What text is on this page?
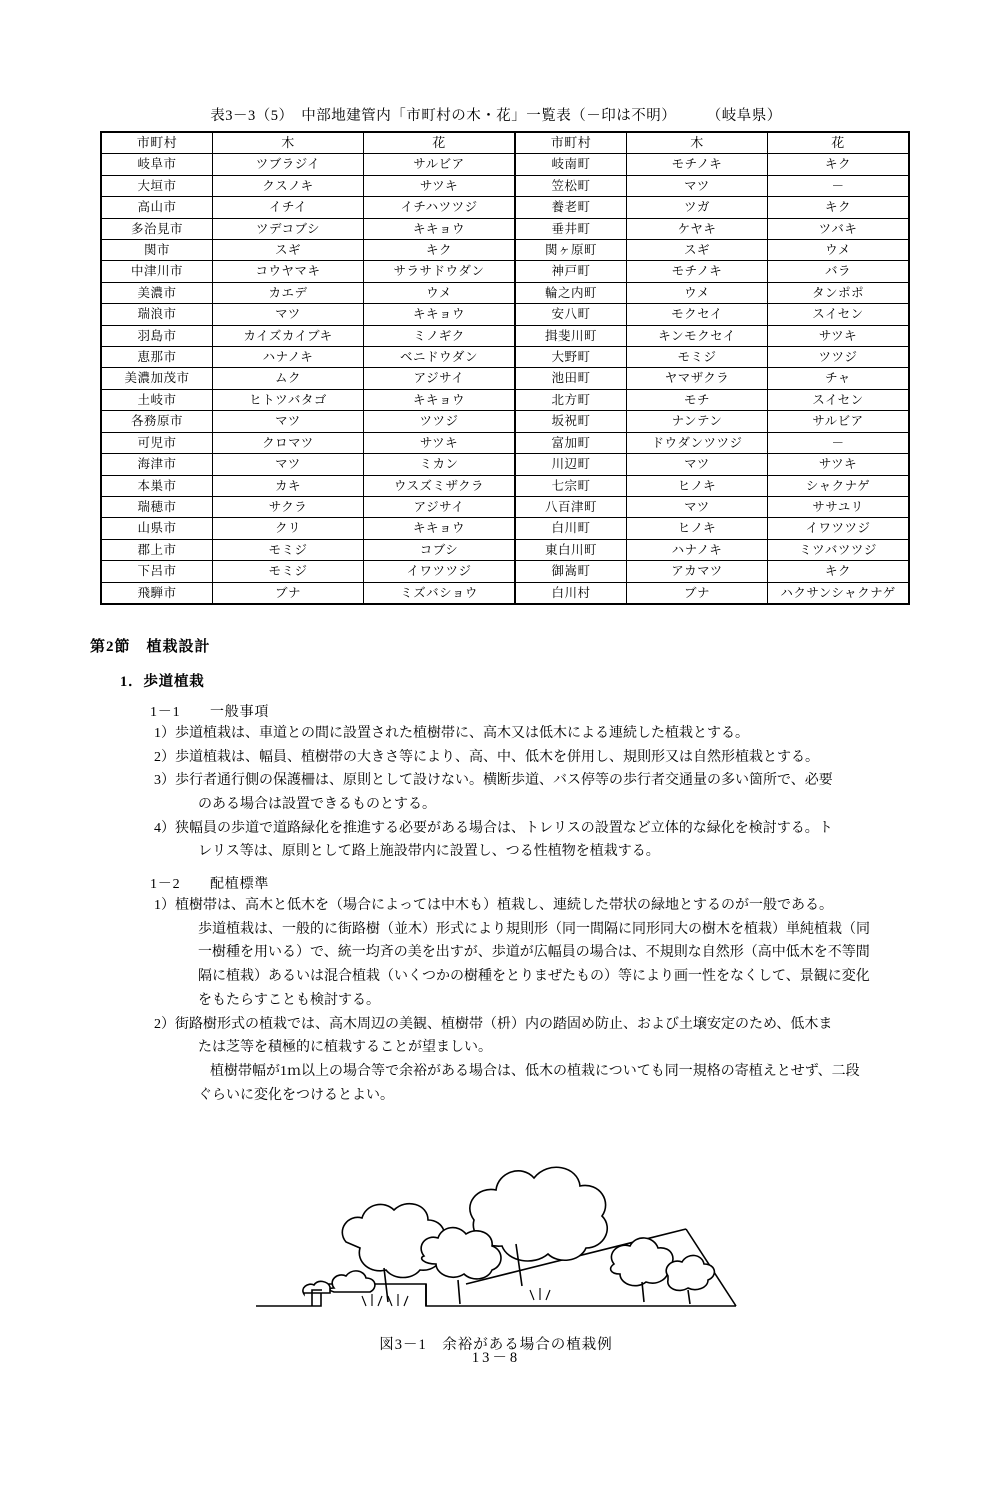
表3－3（5）　中部地建管内「市町村の木・花」一覧表（－印は不明）　　　（岐阜県）
市町村	木	花	市町村	木	花
岐阜市	ツブラジイ	サルビア	岐南町	モチノキ	キク
大垣市	クスノキ	サツキ	笠松町	マツ	－
高山市	イチイ	イチハツツジ	養老町	ツガ	キク
多治見市	ツデコブシ	キキョウ	垂井町	ケヤキ	ツバキ
関市	スギ	キク	関ヶ原町	スギ	ウメ
中津川市	コウヤマキ	サラサドウダン	神戸町	モチノキ	バラ
美濃市	カエデ	ウメ	輪之内町	ウメ	タンポポ
瑞浪市	マツ	キキョウ	安八町	モクセイ	スイセン
羽島市	カイズカイブキ	ミノギク	揖斐川町	キンモクセイ	サツキ
恵那市	ハナノキ	ベニドウダン	大野町	モミジ	ツツジ
美濃加茂市	ムク	アジサイ	池田町	ヤマザクラ	チャ
土岐市	ヒトツバタゴ	キキョウ	北方町	モチ	スイセン
各務原市	マツ	ツツジ	坂祝町	ナンテン	サルビア
可児市	クロマツ	サツキ	富加町	ドウダンツツジ	－
海津市	マツ	ミカン	川辺町	マツ	サツキ
本巣市	カキ	ウスズミザクラ	七宗町	ヒノキ	シャクナゲ
瑞穂市	サクラ	アジサイ	八百津町	マツ	ササユリ
山県市	クリ	キキョウ	白川町	ヒノキ	イワツツジ
郡上市	モミジ	コブシ	東白川町	ハナノキ	ミツバツツジ
下呂市	モミジ	イワツツジ	御嵩町	アカマツ	キク
飛騨市	ブナ	ミズバショウ	白川村	ブナ	ハクサンシャクナゲ
第2節　植栽設計
1．歩道植栽
1－1　　一般事項
1）歩道植栽は、車道との間に設置された植樹帯に、高木又は低木による連続した植栽とする。
2）歩道植栽は、幅員、植樹帯の大きさ等により、高、中、低木を併用し、規則形又は自然形植栽とする。
3）歩行者通行側の保護柵は、原則として設けない。横断歩道、バス停等の歩行者交通量の多い箇所で、必要
のある場合は設置できるものとする。
4）狭幅員の歩道で道路緑化を推進する必要がある場合は、トレリスの設置など立体的な緑化を検討する。ト
レリス等は、原則として路上施設帯内に設置し、つる性植物を植栽する。
1－2　　配植標準
1）植樹帯は、高木と低木を（場合によっては中木も）植栽し、連続した帯状の緑地とするのが一般である。
歩道植栽は、一般的に街路樹（並木）形式により規則形（同一間隔に同形同大の樹木を植栽）単純植栽（同
一樹種を用いる）で、統一均斉の美を出すが、歩道が広幅員の場合は、不規則な自然形（高中低木を不等間
隔に植栽）あるいは混合植栽（いくつかの樹種をとりまぜたもの）等により画一性をなくして、景観に変化
をもたらすことも検討する。
2）街路樹形式の植栽では、高木周辺の美観、植樹帯（枡）内の踏固め防止、および土壌安定のため、低木ま
たは芝等を積極的に植栽することが望ましい。
植樹帯幅が1ｍ以上の場合等で余裕がある場合は、低木の植栽についても同一規格の寄植えとせず、二段
ぐらいに変化をつけるとよい。
図3－1　余裕がある場合の植栽例
13－8
